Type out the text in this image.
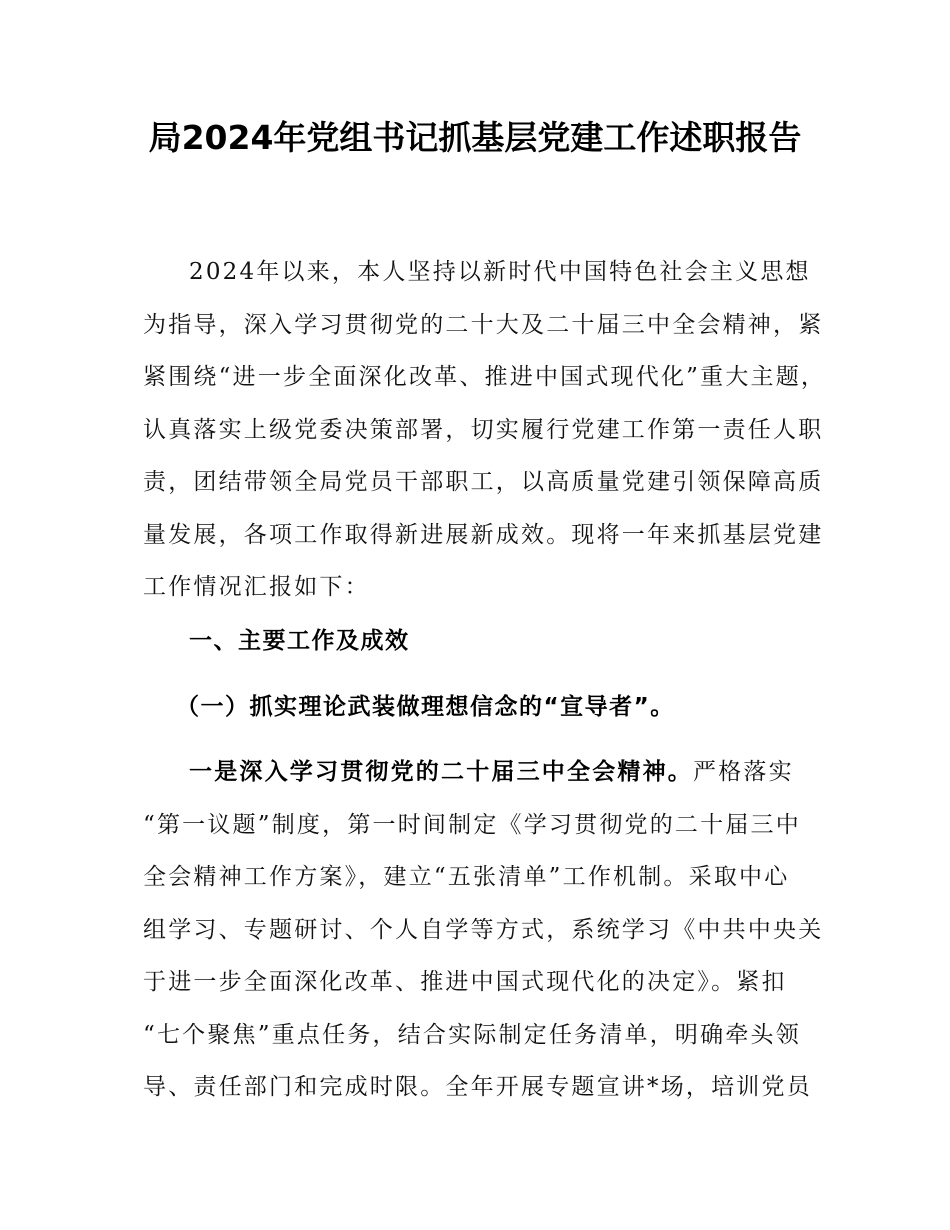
局2024年党组书记抓基层党建工作述职报告
2024年以来，本人坚持以新时代中国特色社会主义思想
为指导，深入学习贯彻党的二十大及二十届三中全会精神，紧
紧围绕“进一步全面深化改革、推进中国式现代化”重大主题，
认真落实上级党委决策部署，切实履行党建工作第一责任人职
责，团结带领全局党员干部职工，以高质量党建引领保障高质
量发展，各项工作取得新进展新成效。现将一年来抓基层党建
工作情况汇报如下：
一、主要工作及成效
（一）抓实理论武装做理想信念的“宣导者”。
一是深入学习贯彻党的二十届三中全会精神。严格落实
“第一议题”制度，第一时间制定《学习贯彻党的二十届三中
全会精神工作方案》，建立“五张清单”工作机制。采取中心
组学习、专题研讨、个人自学等方式，系统学习《中共中央关
于进一步全面深化改革、推进中国式现代化的决定》。紧扣
“七个聚焦”重点任务，结合实际制定任务清单，明确牵头领
导、责任部门和完成时限。全年开展专题宣讲*场，培训党员
